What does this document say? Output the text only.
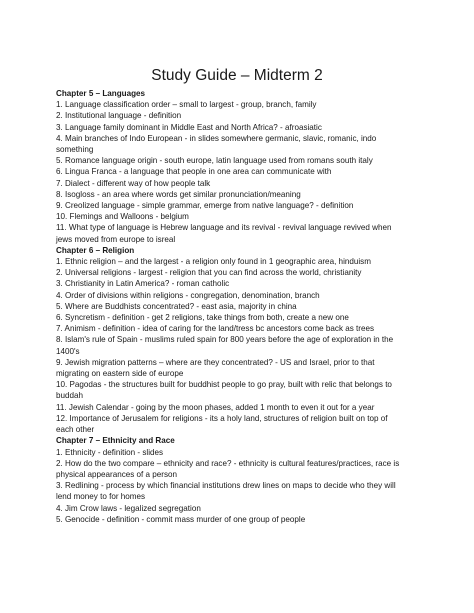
Study Guide – Midterm 2
Chapter 5 – Languages
1. Language classification order – small to largest - group, branch, family
2. Institutional language - definition
3. Language family dominant in Middle East and North Africa? - afroasiatic
4. Main branches of Indo European - in slides somewhere germanic, slavic, romanic, indo
something
5. Romance language origin - south europe, latin language used from romans south italy
6. Lingua Franca - a language that people in one area can communicate with
7. Dialect - different way of how people talk
8. Isogloss - an area where words get similar pronunciation/meaning
9. Creolized language - simple grammar, emerge from native language? - definition
10. Flemings and Walloons - belgium
11. What type of language is Hebrew language and its revival - revival language revived when
jews moved from europe to isreal
Chapter 6 – Religion
1. Ethnic religion – and the largest - a religion only found in 1 geographic area, hinduism
2. Universal religions - largest - religion that you can find across the world, christianity
3. Christianity in Latin America? - roman catholic
4. Order of divisions within religions - congregation, denomination, branch
5. Where are Buddhists concentrated? - east asia, majority in china
6. Syncretism - definition - get 2 religions, take things from both, create a new one
7. Animism - definition - idea of caring for the land/tress bc ancestors come back as trees
8. Islam's rule of Spain - muslims ruled spain for 800 years before the age of exploration in the
1400's
9. Jewish migration patterns – where are they concentrated? - US and Israel, prior to that
migrating on eastern side of europe
10. Pagodas - the structures built for buddhist people to go pray, built with relic that belongs to
buddah
11. Jewish Calendar - going by the moon phases, added 1 month to even it out for a year
12. Importance of Jerusalem for religions - its a holy land, structures of religion built on top of
each other
Chapter 7 – Ethnicity and Race
1. Ethnicity - definition - slides
2. How do the two compare – ethnicity and race? - ethnicity is cultural features/practices, race is
physical appearances of a person
3. Redlining - process by which financial institutions drew lines on maps to decide who they will
lend money to for homes
4. Jim Crow laws - legalized segregation
5. Genocide - definition - commit mass murder of one group of people
